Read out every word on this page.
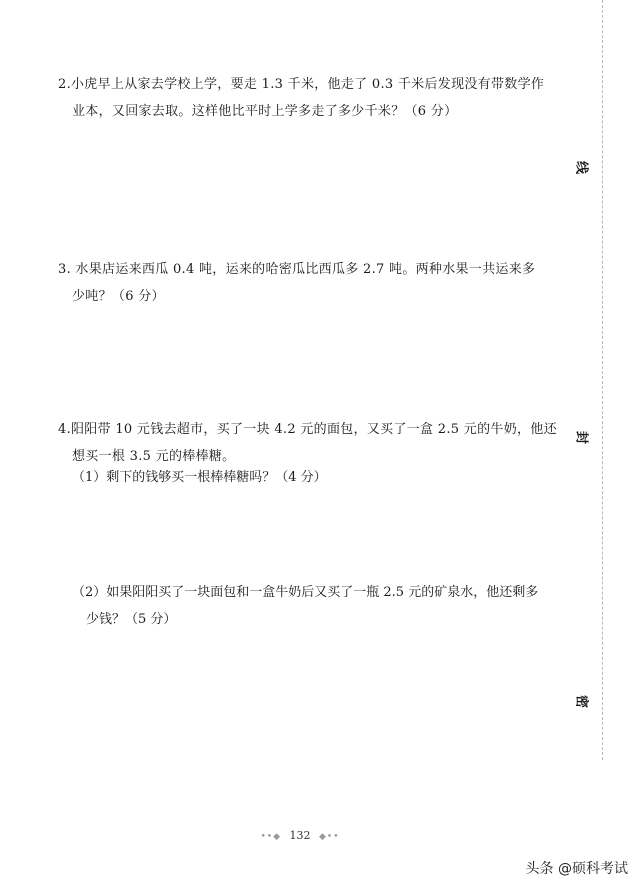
2.小虎早上从家去学校上学，要走 1.3 千米，他走了 0.3 千米后发现没有带数学作

业本，又回家去取。这样他比平时上学多走了多少千米？（6 分）

3. 水果店运来西瓜 0.4 吨，运来的哈密瓜比西瓜多 2.7 吨。两种水果一共运来多

少吨？（6 分）

4.阳阳带 10 元钱去超市，买了一块 4.2 元的面包，又买了一盒 2.5 元的牛奶，他还

想买一根 3.5 元的棒棒糖。

（1）剩下的钱够买一根棒棒糖吗？（4 分）

（2）如果阳阳买了一块面包和一盒牛奶后又买了一瓶 2.5 元的矿泉水，他还剩多

少钱？（5 分）

线
封
密
••◆ 132 ◆••
头条 @硕科考试
